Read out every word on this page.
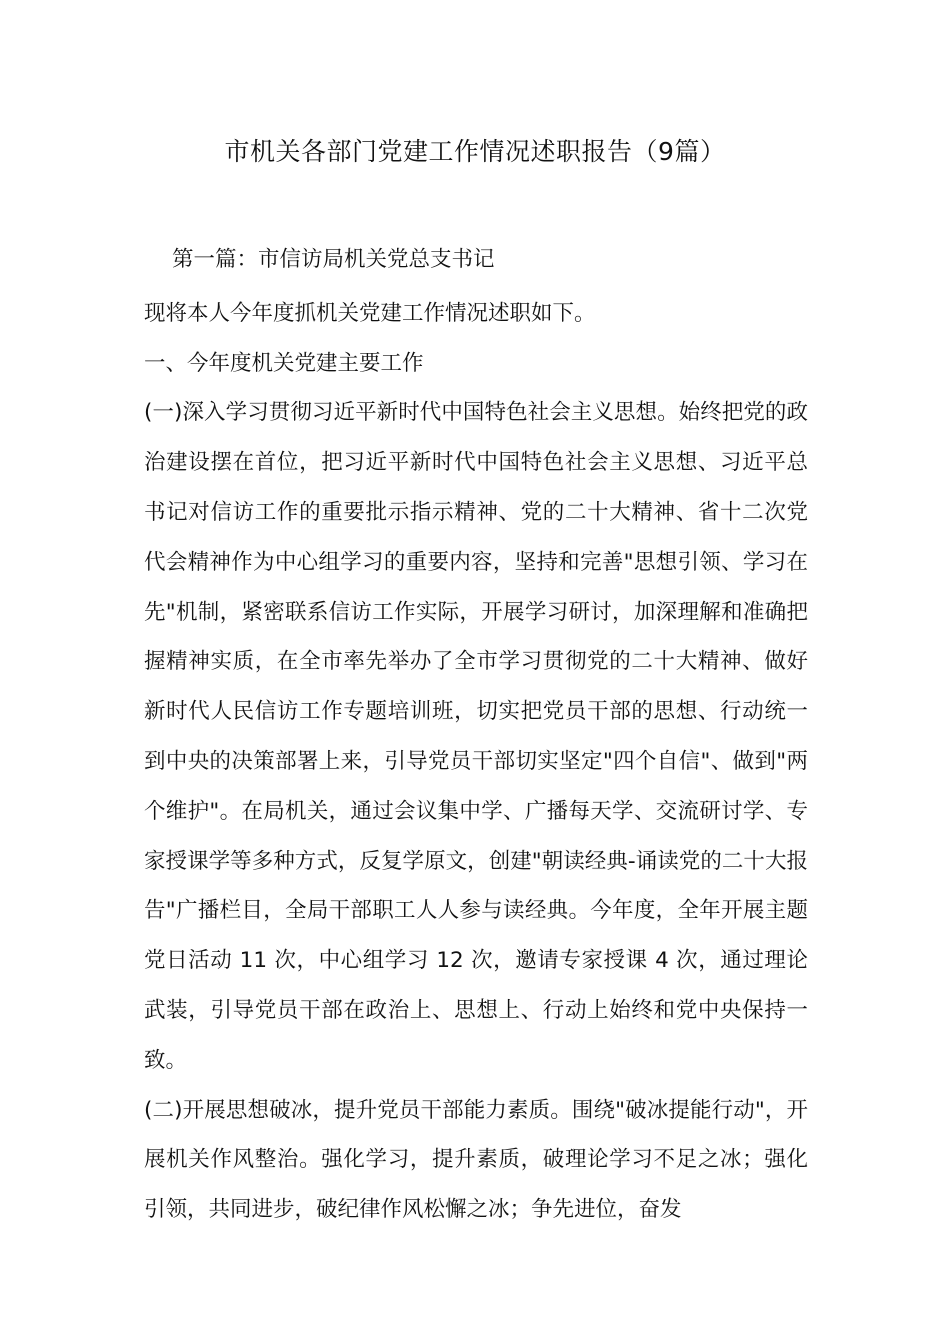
市机关各部门党建工作情况述职报告（9篇）

第一篇：市信访局机关党总支书记

现将本人今年度抓机关党建工作情况述职如下。

一、今年度机关党建主要工作

(一)深入学习贯彻习近平新时代中国特色社会主义思想。始终把党的政治建设摆在首位，把习近平新时代中国特色社会主义思想、习近平总书记对信访工作的重要批示指示精神、党的二十大精神、省十二次党代会精神作为中心组学习的重要内容，坚持和完善"思想引领、学习在先"机制，紧密联系信访工作实际，开展学习研讨，加深理解和准确把握精神实质，在全市率先举办了全市学习贯彻党的二十大精神、做好新时代人民信访工作专题培训班，切实把党员干部的思想、行动统一到中央的决策部署上来，引导党员干部切实坚定"四个自信"、做到"两个维护"。在局机关，通过会议集中学、广播每天学、交流研讨学、专家授课学等多种方式，反复学原文，创建"朝读经典-诵读党的二十大报告"广播栏目，全局干部职工人人参与读经典。今年度，全年开展主题党日活动 11 次，中心组学习 12 次，邀请专家授课 4 次，通过理论武装，引导党员干部在政治上、思想上、行动上始终和党中央保持一致。

(二)开展思想破冰，提升党员干部能力素质。围绕"破冰提能行动"，开展机关作风整治。强化学习，提升素质，破理论学习不足之冰；强化引领，共同进步，破纪律作风松懈之冰；争先进位，奋发
